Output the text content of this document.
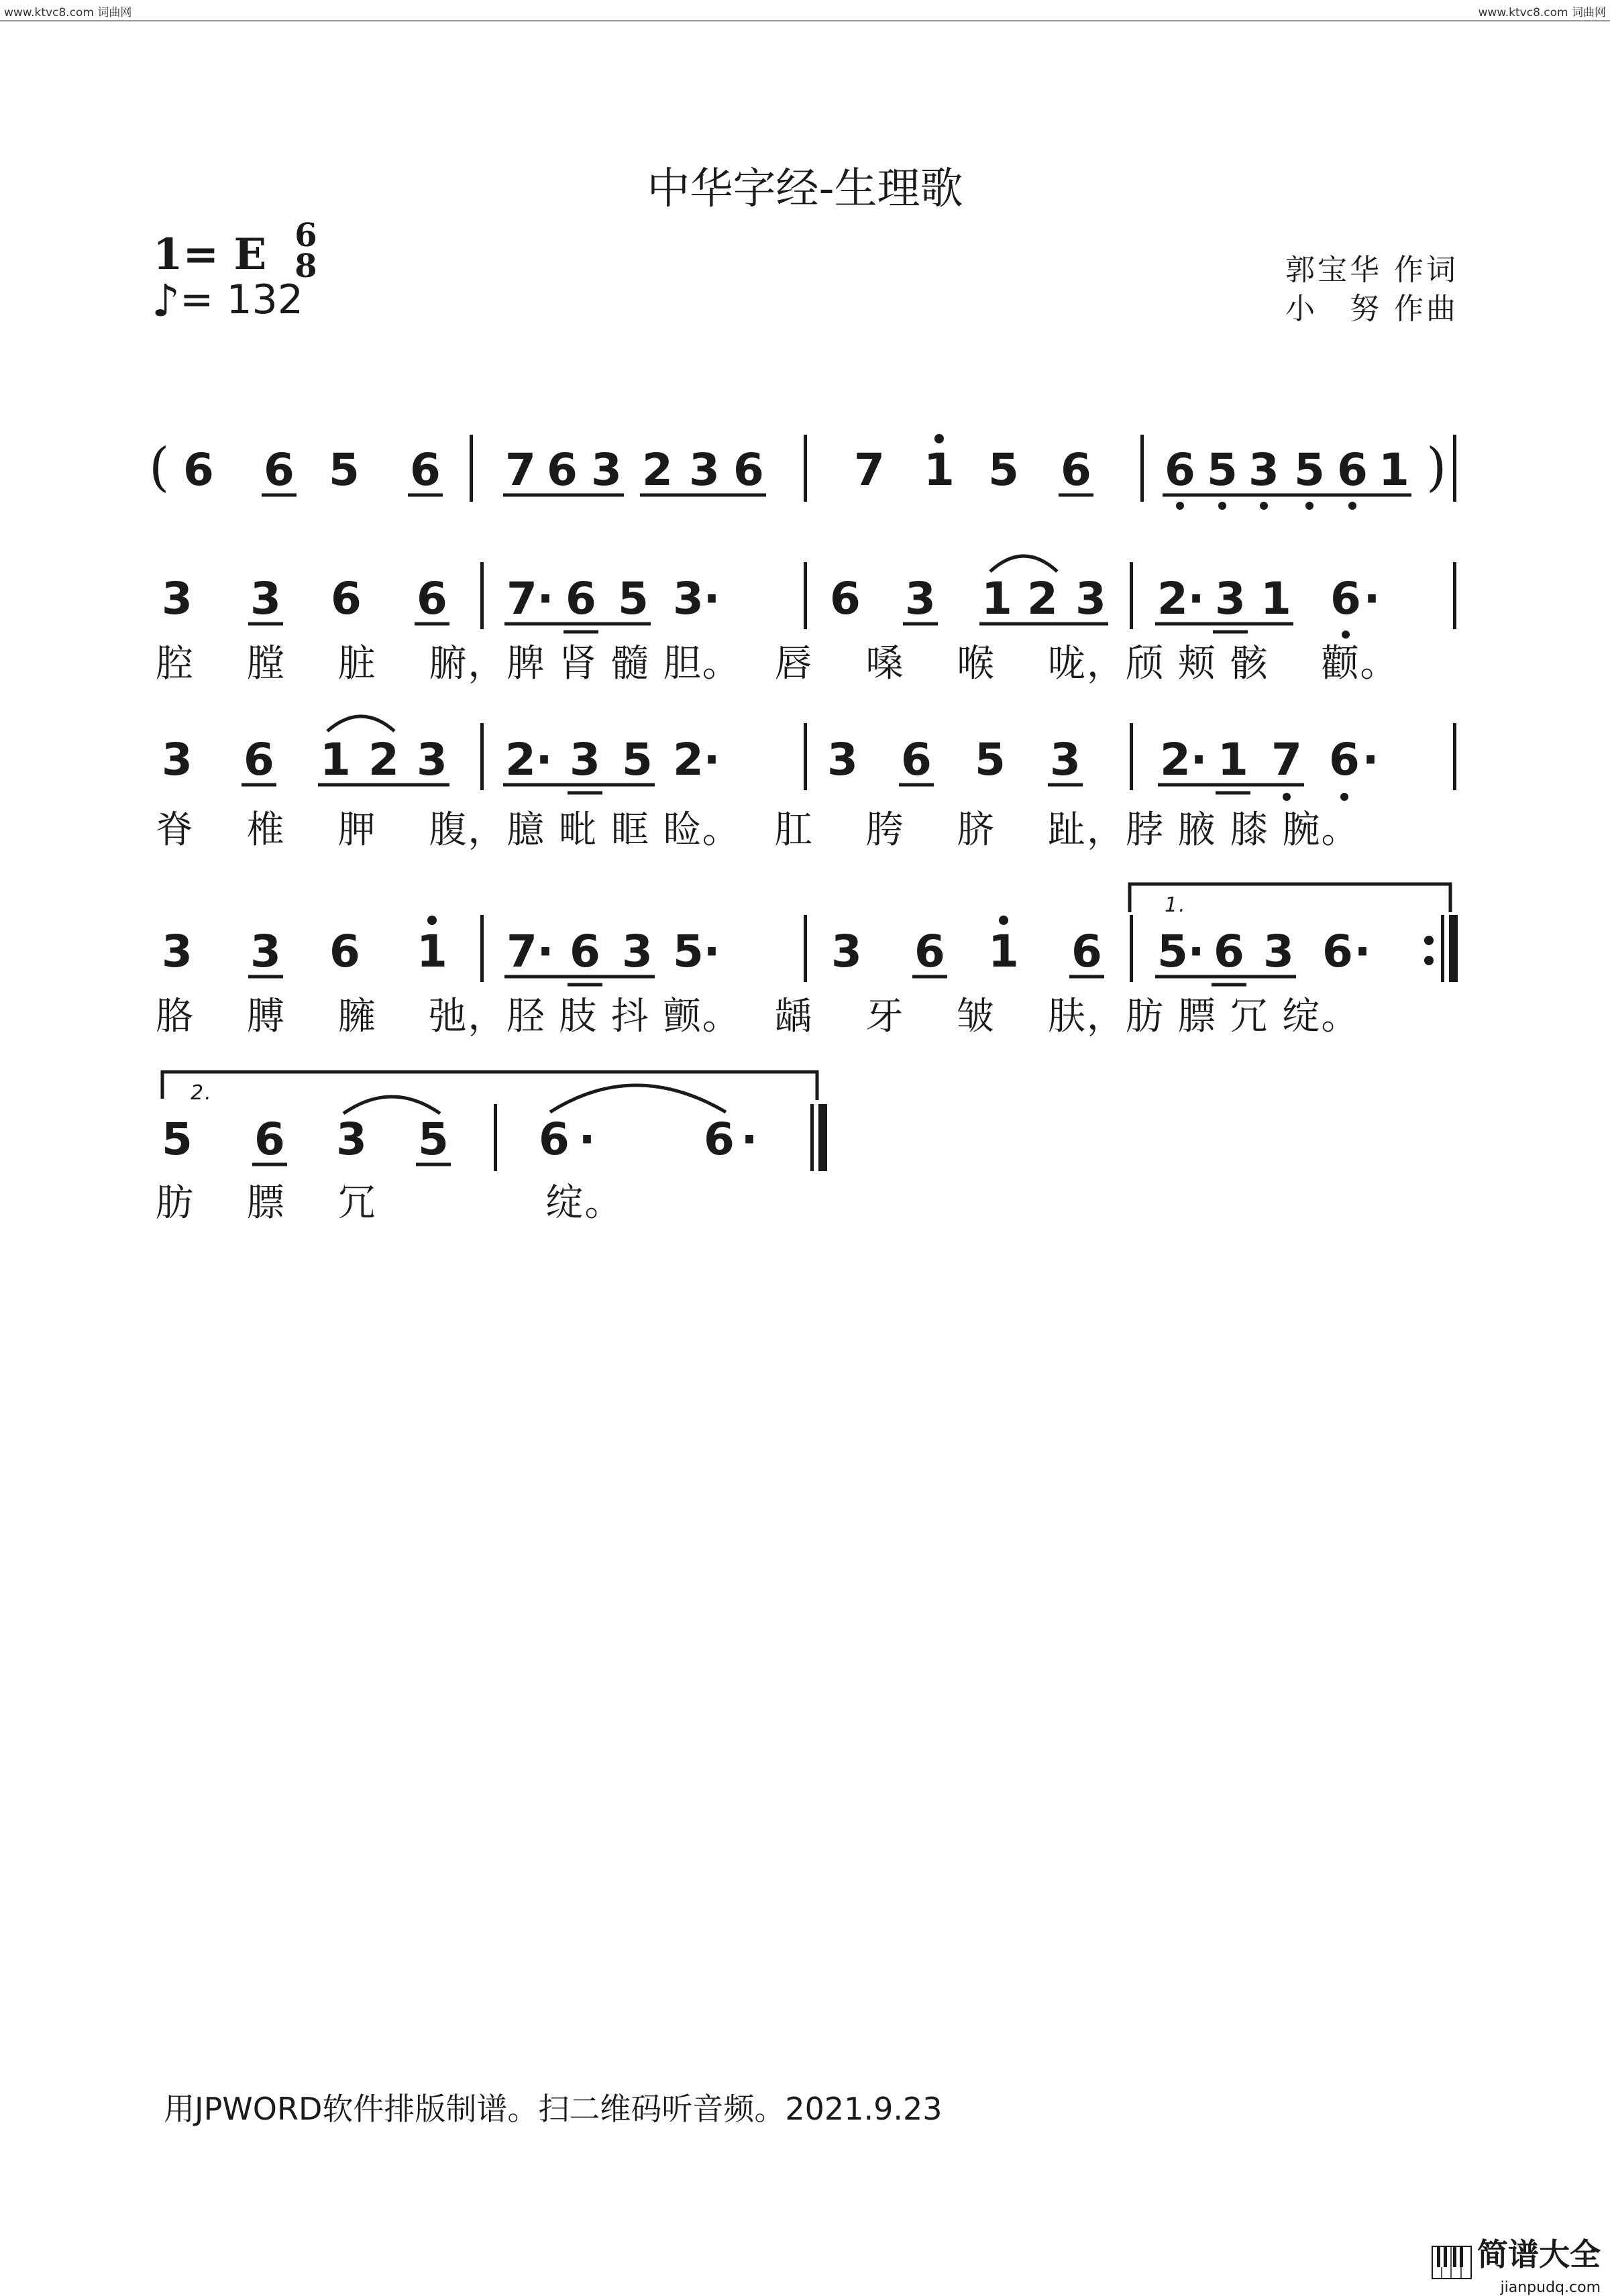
www.ktvc8.com 词曲网	www.ktvc8.com 词曲网
中华字经-生理歌
1= E 6
8
♪= 132
郭宝华 作词
小　努 作曲
( 6 6 5 6 7 6 3 2 3 6 7 1 5 6 6 5 3 5 6 1 )
3 3 6 6 7 · 6 5 3 · 6 3 1 2 3 2 · 3 1 6 ·
腔　 膛　 脏　 腑，脾 肾 髓 胆。　 唇　 嗓　 喉　 咙，颀 颊 骸　 颧。
3 6 1 2 3 2 · 3 5 2 · 3 6 5 3 2 · 1 7 6 ·
脊　 椎　 胛　 腹，臆 毗 眶 睑。　 肛　 胯　 脐　 趾，脖 腋 膝 腕。
1.
3 3 6 1 7 · 6 3 5 ·	3 6 1 6 5 · 6 3 6 ·
胳　 膊　 臃　 弛，胫 肢 抖 颤。　 龋　 牙　 皱　 肤，肪 膘 冗 绽。
2.
5 6 3 5 6 · 6 ·
肪　 膘　 冗　　　　 绽。
用JPWORD软件排版制谱。扫二维码听音频。2021.9.23
简谱大全
jianpudq.com
